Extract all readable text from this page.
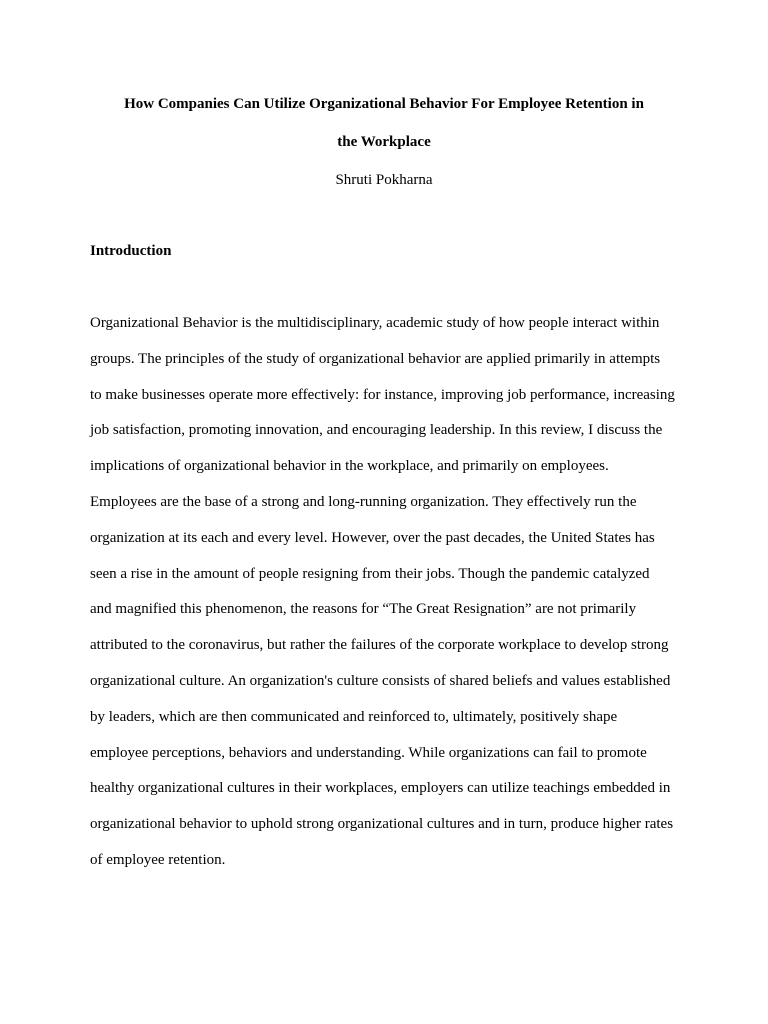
How Companies Can Utilize Organizational Behavior For Employee Retention in
the Workplace
Shruti Pokharna
Introduction
Organizational Behavior is the multidisciplinary, academic study of how people interact within
groups. The principles of the study of organizational behavior are applied primarily in attempts
to make businesses operate more effectively: for instance, improving job performance, increasing
job satisfaction, promoting innovation, and encouraging leadership. In this review, I discuss the
implications of organizational behavior in the workplace, and primarily on employees.
Employees are the base of a strong and long-running organization. They effectively run the
organization at its each and every level. However, over the past decades, the United States has
seen a rise in the amount of people resigning from their jobs. Though the pandemic catalyzed
and magnified this phenomenon, the reasons for “The Great Resignation” are not primarily
attributed to the coronavirus, but rather the failures of the corporate workplace to develop strong
organizational culture. An organization's culture consists of shared beliefs and values established
by leaders, which are then communicated and reinforced to, ultimately, positively shape
employee perceptions, behaviors and understanding. While organizations can fail to promote
healthy organizational cultures in their workplaces, employers can utilize teachings embedded in
organizational behavior to uphold strong organizational cultures and in turn, produce higher rates
of employee retention.
